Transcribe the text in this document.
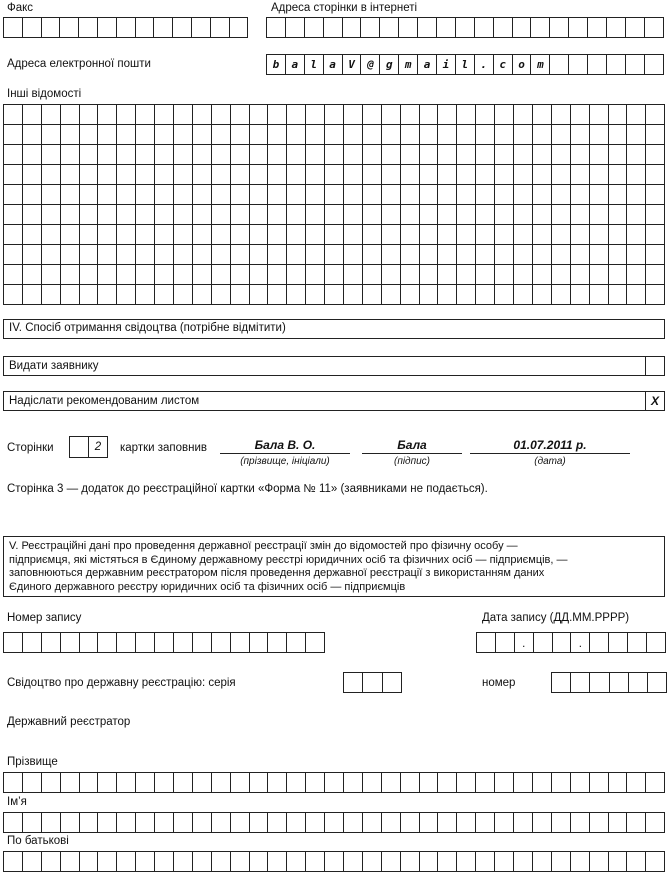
Факс	Адреса сторінки в інтернеті
Адреса електронної пошти	b	a	l	a	V	@	g	m	a	i	l	.	c	o	m
Інші відомості
IV. Спосіб отримання свідоцтва (потрібне відмітити)
Видати заявнику
Надіслати рекомендованим листом	X
Сторінки	2	картки заповнив	Бала В. О.
(прізвище, ініціали)
Бала
(підпис)
01.07.2011 р.
(дата)
Сторінка 3 — додаток до реєстраційної картки «Форма № 11» (заявниками не подається).
V. Реєстраційні дані про проведення державної реєстрації змін до відомостей про фізичну особу —
підприємця, які містяться в Єдиному державному реєстрі юридичних осіб та фізичних осіб — підприємців, —
заповнюються державним реєстратором після проведення державної реєстрації з використанням даних
Єдиного державного реєстру юридичних осіб та фізичних осіб — підприємців
Номер запису	Дата запису (ДД.ММ.РРРР)
.	.
Свідоцтво про державну реєстрацію: серія	номер
Державний реєстратор
Прізвище
Ім’я
По батькові
